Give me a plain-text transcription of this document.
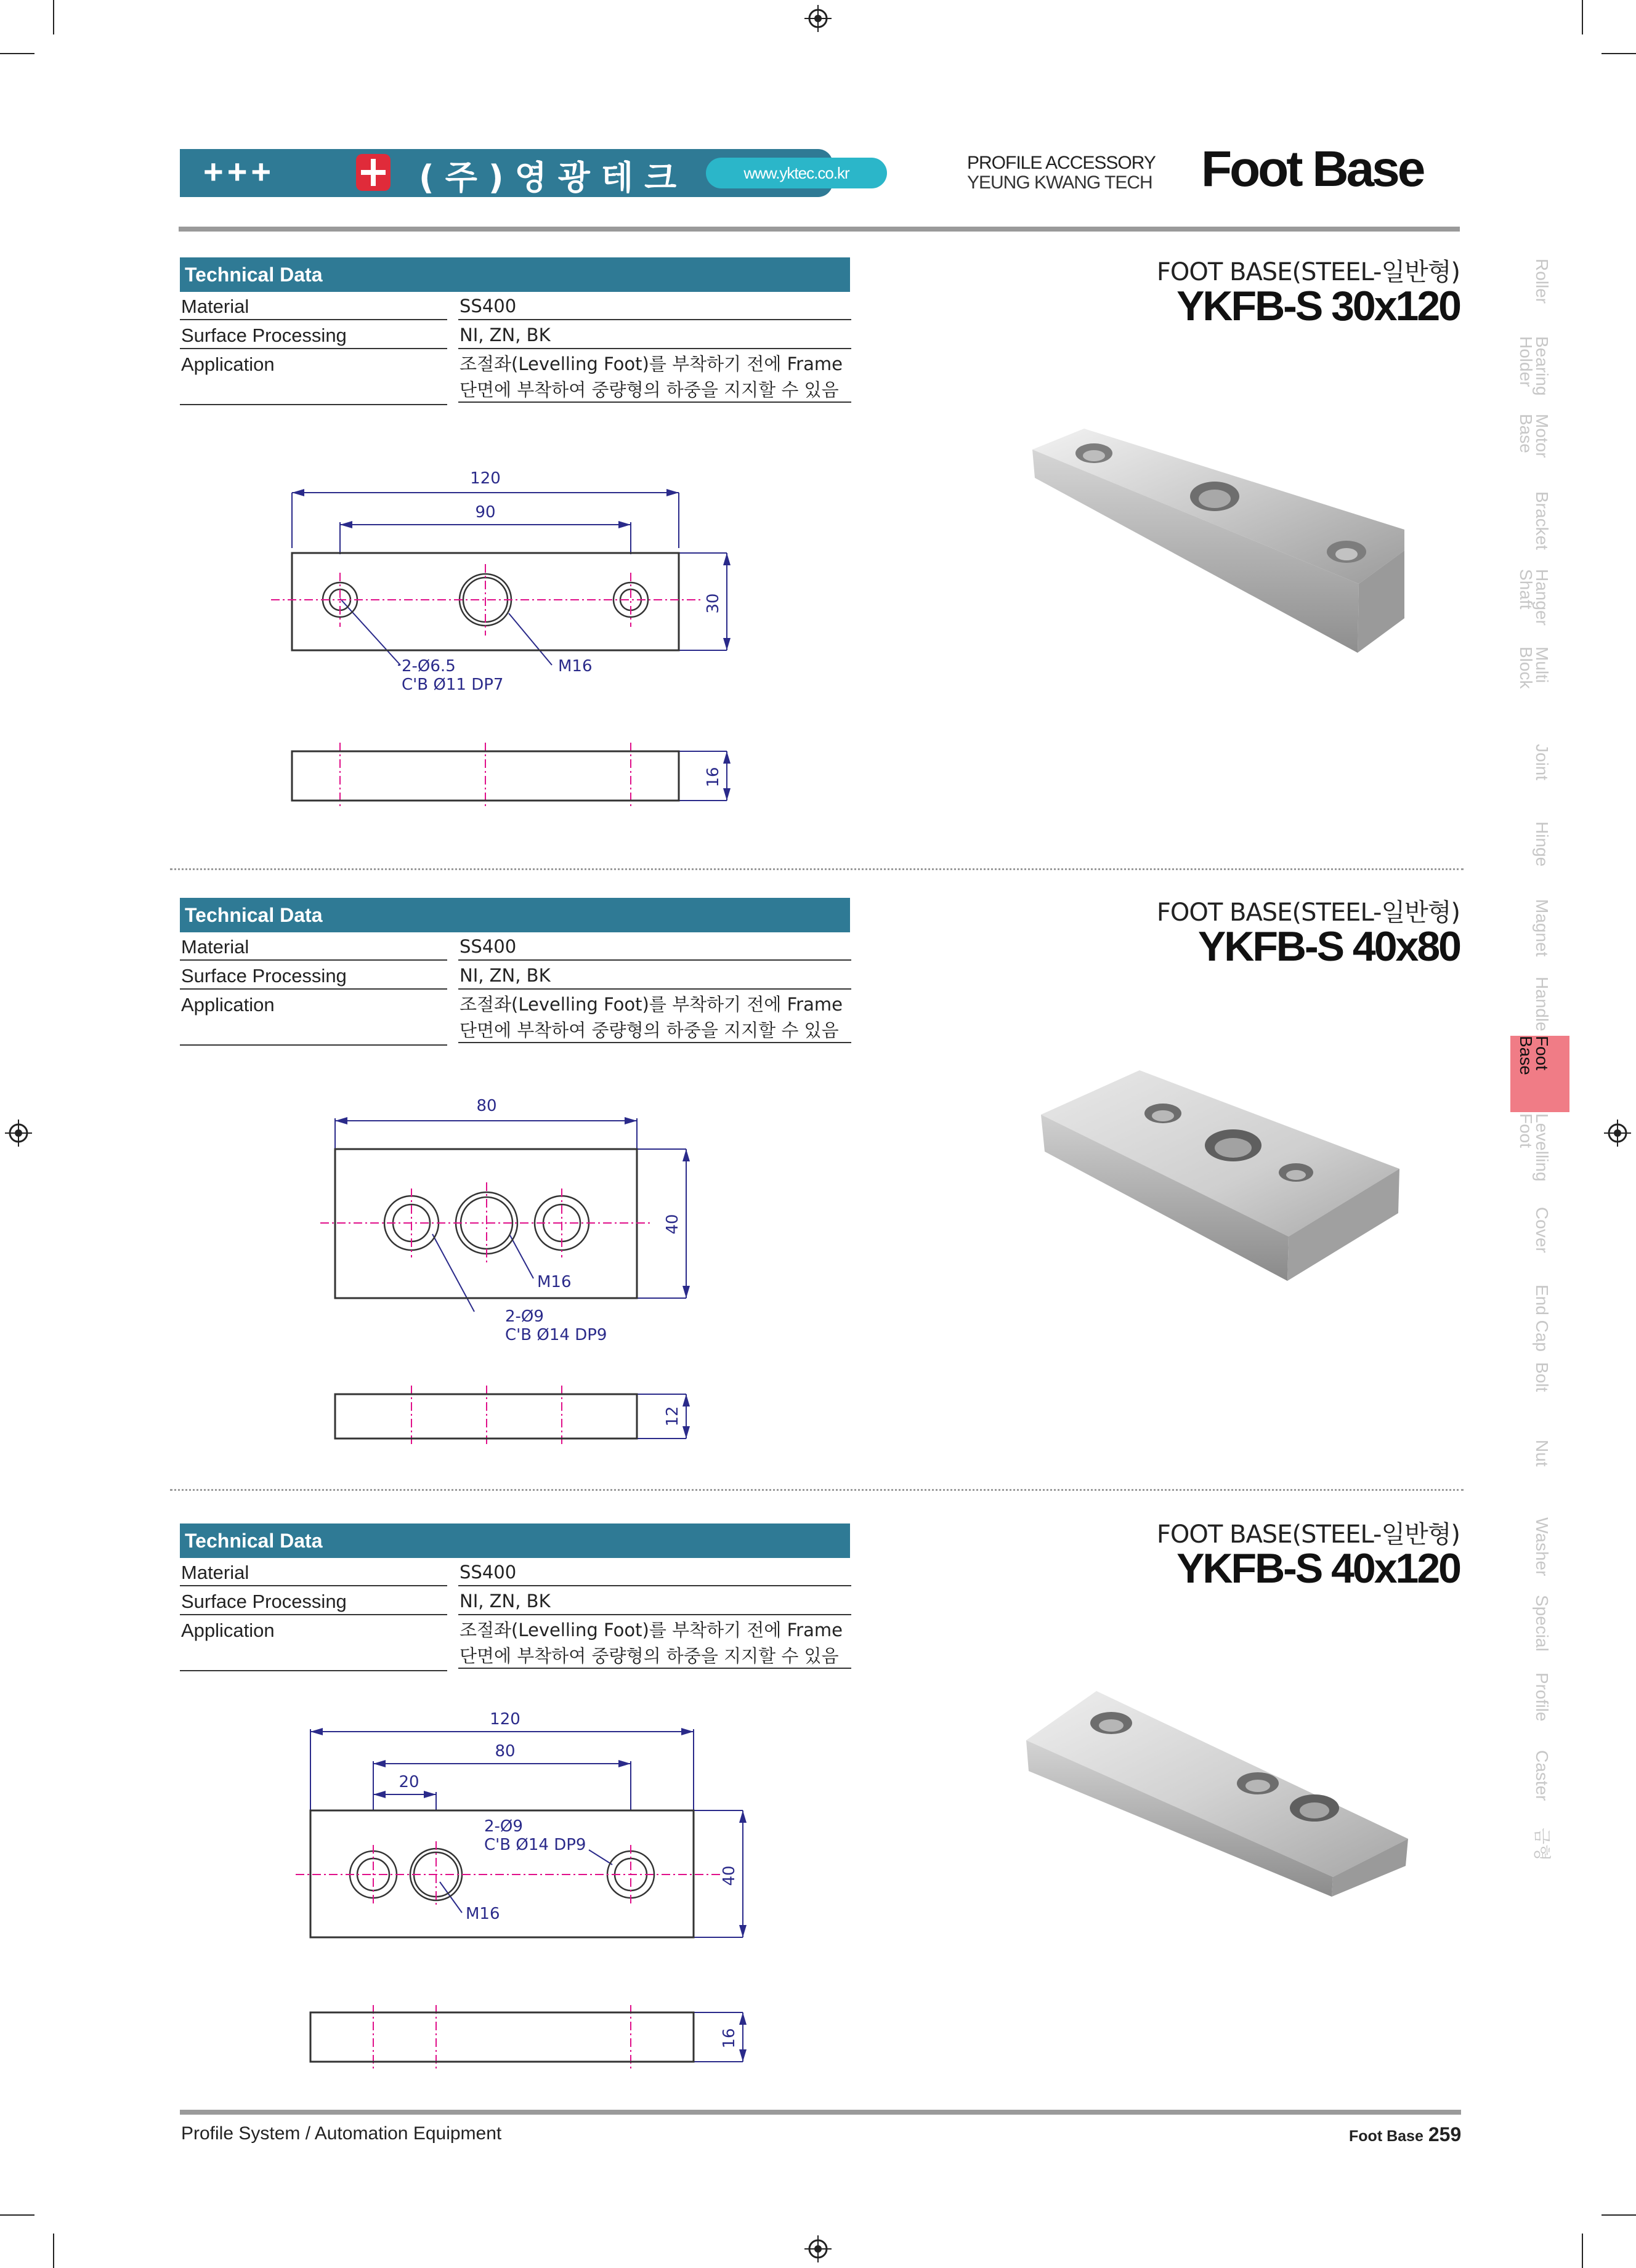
+++	(주)영광테크	www.yktec.co.kr	PROFILE ACCESSORY
YEUNG KWANG TECH Foot Base
Roller
Bearing
Holder
Motor
Base
Bracket
Hanger
Shaft
Multi
Block
Joint
Hinge
Magnet
Handle
Foot
Base
Levelling
Foot
Cover
End Cap
Bolt
Nut
Washer
Special
Profile
Caster
금형
Technical Data
Material	SS400
Surface Processing	NI, ZN, BK
Application	조절좌(Levelling Foot)를 부착하기 전에 Frame
단면에 부착하여 중량형의 하중을 지지할 수 있음
FOOT BASE(STEEL-일반형)
YKFB-S 30x120
120
90
30
16
2-Ø6.5
C'B Ø11 DP7
M16
Technical Data
Material	SS400
Surface Processing	NI, ZN, BK
Application	조절좌(Levelling Foot)를 부착하기 전에 Frame
단면에 부착하여 중량형의 하중을 지지할 수 있음
FOOT BASE(STEEL-일반형)
YKFB-S 40x80
80
40
12
M16
2-Ø9
C'B Ø14 DP9
Technical Data
Material	SS400
Surface Processing	NI, ZN, BK
Application	조절좌(Levelling Foot)를 부착하기 전에 Frame
단면에 부착하여 중량형의 하중을 지지할 수 있음
FOOT BASE(STEEL-일반형)
YKFB-S 40x120
120
80
20
40
16
2-Ø9
C'B Ø14 DP9
M16
Profile System / Automation Equipment	Foot Base 259
